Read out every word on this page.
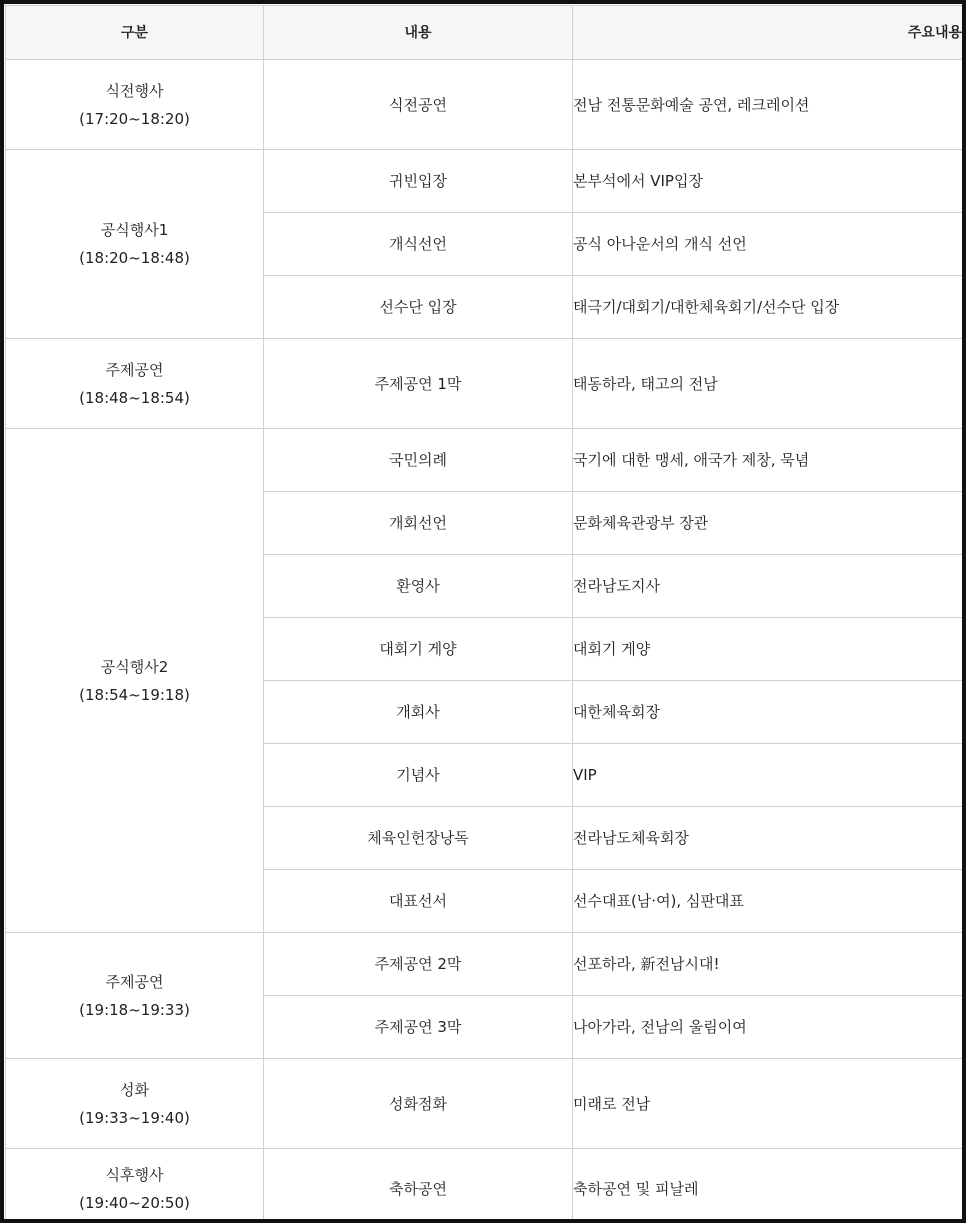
구분	내용	주요내용

식전행사
(17:20~18:20)	식전공연	전남 전통문화예술 공연, 레크레이션

공식행사1
(18:20~18:48)	귀빈입장	본부석에서 VIP입장
	개식선언	공식 아나운서의 개식 선언
	선수단 입장	태극기/대회기/대한체육회기/선수단 입장

주제공연
(18:48~18:54)	주제공연 1막	태동하라, 태고의 전남

공식행사2
(18:54~19:18)	국민의례	국기에 대한 맹세, 애국가 제창, 묵념
	개회선언	문화체육관광부 장관
	환영사	전라남도지사
	대회기 게양	대회기 게양
	개회사	대한체육회장
	기념사	VIP
	체육인헌장낭독	전라남도체육회장
	대표선서	선수대표(남·여), 심판대표

주제공연
(19:18~19:33)	주제공연 2막	선포하라, 新전남시대!
	주제공연 3막	나아가라, 전남의 울림이여

성화
(19:33~19:40)	성화점화	미래로 전남

식후행사
(19:40~20:50)	축하공연	축하공연 및 피날레
